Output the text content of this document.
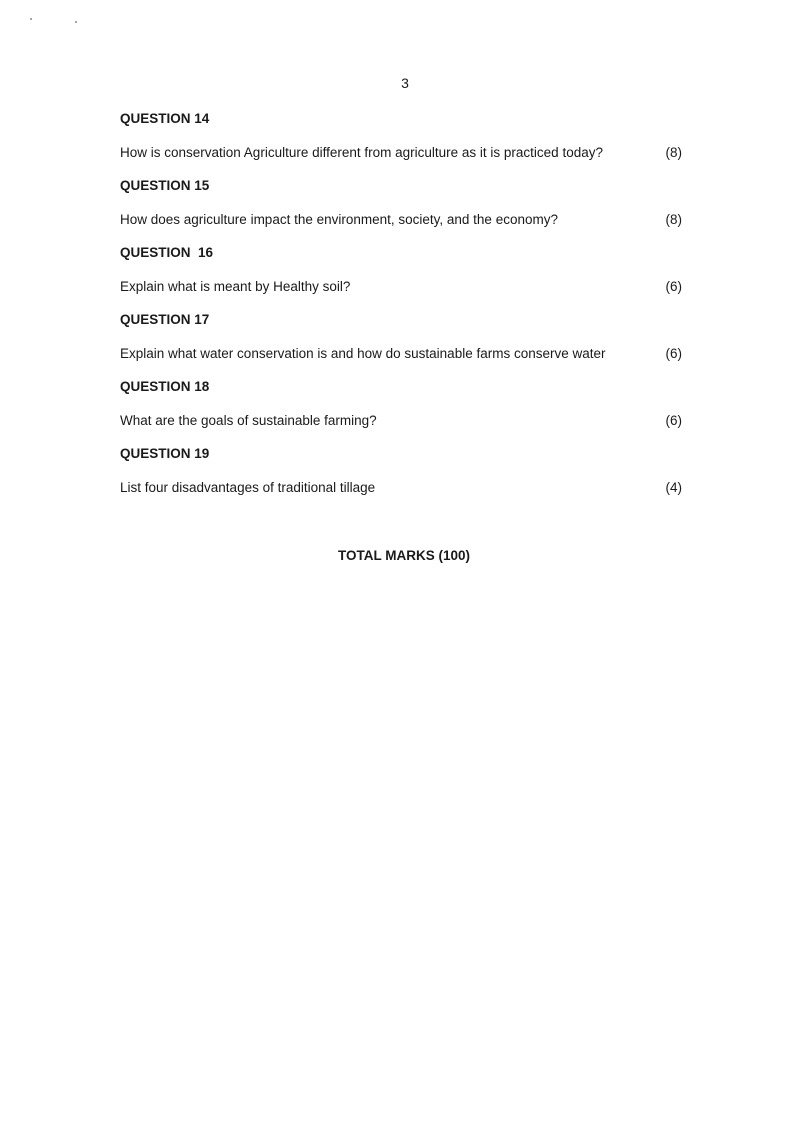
3
QUESTION 14
How is conservation Agriculture different from agriculture as it is practiced today?	(8)
QUESTION 15
How does agriculture impact the environment, society, and the economy?	(8)
QUESTION  16
Explain what is meant by Healthy soil?	(6)
QUESTION 17
Explain what water conservation is and how do sustainable farms conserve water	(6)
QUESTION 18
What are the goals of sustainable farming?	(6)
QUESTION 19
List four disadvantages of traditional tillage	(4)
TOTAL MARKS (100)
